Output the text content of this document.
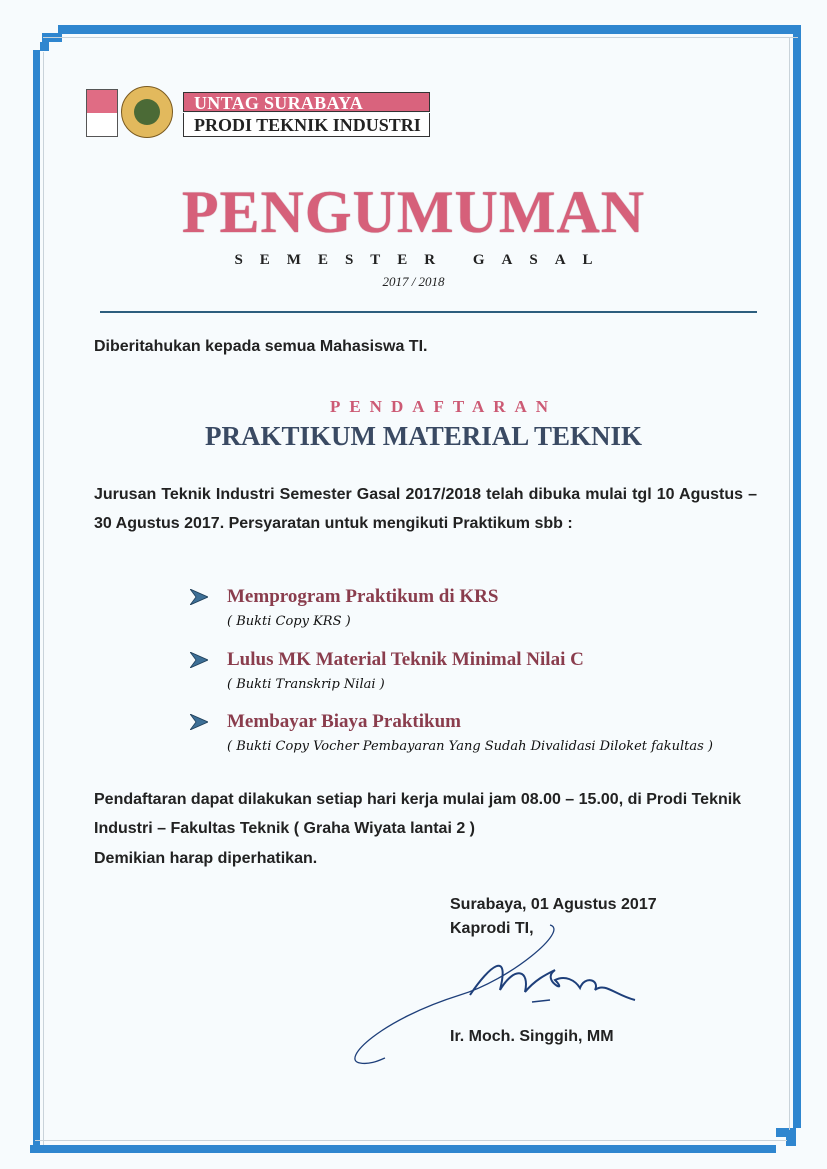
UNTAG SURABAYA
PRODI TEKNIK INDUSTRI
PENGUMUMAN
SEMESTER GASAL
2017 / 2018
Diberitahukan kepada semua Mahasiswa TI.
PENDAFTARAN
PRAKTIKUM MATERIAL TEKNIK
Jurusan Teknik Industri Semester Gasal 2017/2018 telah dibuka mulai tgl 10 Agustus – 30 Agustus 2017. Persyaratan untuk mengikuti Praktikum sbb :
Memprogram Praktikum di KRS
( Bukti Copy KRS )
Lulus MK Material Teknik Minimal Nilai C
( Bukti Transkrip Nilai )
Membayar Biaya Praktikum
( Bukti Copy Vocher Pembayaran Yang Sudah Divalidasi Diloket fakultas )
Pendaftaran dapat dilakukan setiap hari kerja mulai jam 08.00 – 15.00, di Prodi Teknik Industri – Fakultas Teknik ( Graha Wiyata lantai 2 )
Demikian harap diperhatikan.
Surabaya, 01 Agustus 2017
Kaprodi TI,
Ir. Moch. Singgih, MM
